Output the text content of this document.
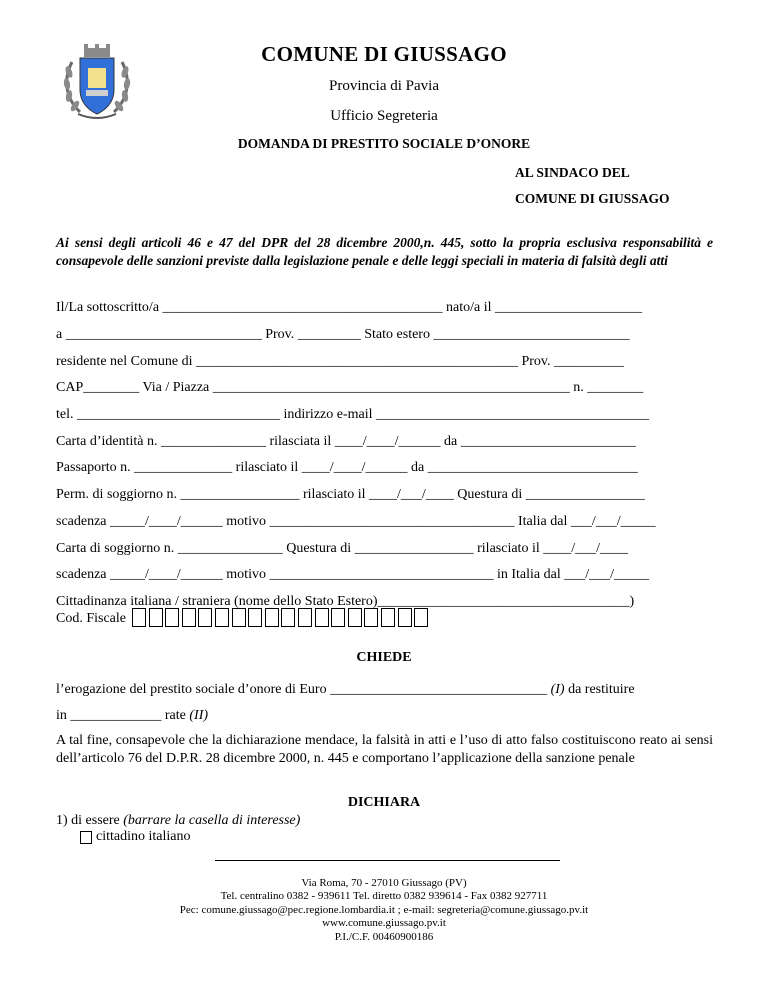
COMUNE DI GIUSSAGO
Provincia di Pavia
Ufficio Segreteria
DOMANDA DI PRESTITO SOCIALE D’ONORE
AL SINDACO DEL
COMUNE DI GIUSSAGO
Ai sensi degli articoli 46 e 47 del DPR del 28 dicembre 2000,n. 445, sotto la propria esclusiva responsabilità e consapevole delle sanzioni previste dalla legislazione penale e delle leggi speciali in materia di falsità degli atti
Il/La sottoscritto/a ________________________________________ nato/a il _____________________
a ____________________________ Prov. _________ Stato estero ____________________________
residente nel Comune di ______________________________________________ Prov. __________
CAP________ Via / Piazza ___________________________________________________ n. ________
tel. _____________________________ indirizzo e-mail _______________________________________
Carta d’identità n. _______________ rilasciata il ____/____/______ da _________________________
Passaporto n. ______________ rilasciato il ____/____/______ da ______________________________
Perm. di soggiorno n. _________________ rilasciato il ____/___/____ Questura di _________________
scadenza _____/____/______ motivo ___________________________________ Italia dal ___/___/_____
Carta di soggiorno n. _______________ Questura di _________________ rilasciato il ____/___/____
scadenza _____/____/______ motivo ________________________________ in Italia dal ___/___/_____
Cittadinanza italiana / straniera (nome dello Stato Estero)____________________________________)
Cod. Fiscale
CHIEDE
l’erogazione del prestito sociale d’onore di Euro _______________________________ (I) da restituire
in _____________ rate (II)
A tal fine, consapevole che la dichiarazione mendace, la falsità in atti e l’uso di atto falso costituiscono reato ai sensi dell’articolo 76 del D.P.R. 28 dicembre 2000, n. 445 e comportano l’applicazione della sanzione penale
DICHIARA
1) di essere (barrare la casella di interesse)
cittadino italiano
Via Roma, 70 - 27010 Giussago (PV)
Tel. centralino 0382 - 939611 Tel. diretto 0382 939614 - Fax 0382 927711
Pec: comune.giussago@pec.regione.lombardia.it ; e-mail: segreteria@comune.giussago.pv.it
www.comune.giussago.pv.it
P.I./C.F. 00460900186
